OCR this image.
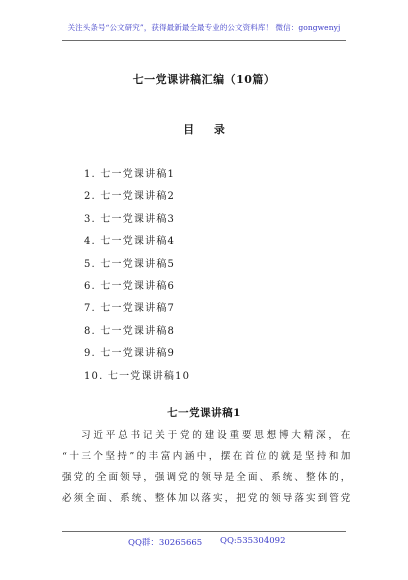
关注头条号“公文研究”，获得最新最全最专业的公文资料库！ 微信：gongwenyj
七一党课讲稿汇编（10篇）
目 录
1. 七一党课讲稿1
2. 七一党课讲稿2
3. 七一党课讲稿3
4. 七一党课讲稿4
5. 七一党课讲稿5
6. 七一党课讲稿6
7. 七一党课讲稿7
8. 七一党课讲稿8
9. 七一党课讲稿9
10. 七一党课讲稿10
七一党课讲稿1
习近平总书记关于党的建设重要思想博大精深，在
“十三个坚持”的丰富内涵中，摆在首位的就是坚持和加
强党的全面领导，强调党的领导是全面、系统、整体的，
必须全面、系统、整体加以落实，把党的领导落实到管党
QQ群：30265665 QQ:535304092
